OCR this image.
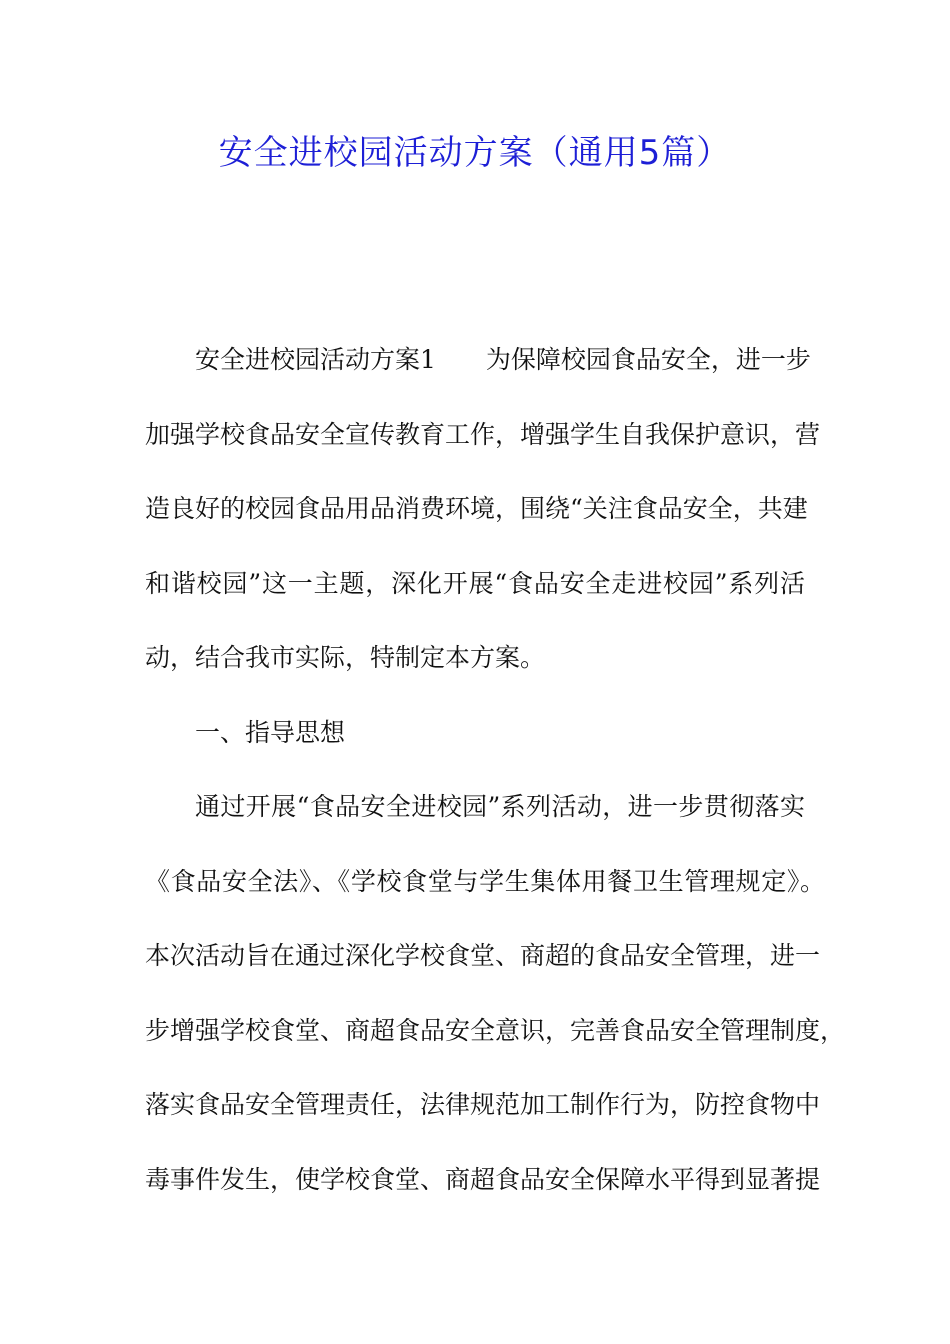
安全进校园活动方案（通用5篇）
安全进校园活动方案1　　为保障校园食品安全，进一步
加强学校食品安全宣传教育工作，增强学生自我保护意识，营
造良好的校园食品用品消费环境，围绕“关注食品安全，共建
和谐校园”这一主题，深化开展“食品安全走进校园”系列活
动，结合我市实际，特制定本方案。
一、指导思想
通过开展“食品安全进校园”系列活动，进一步贯彻落实
《食品安全法》、《学校食堂与学生集体用餐卫生管理规定》。
本次活动旨在通过深化学校食堂、商超的食品安全管理，进一
步增强学校食堂、商超食品安全意识，完善食品安全管理制度，
落实食品安全管理责任，法律规范加工制作行为，防控食物中
毒事件发生，使学校食堂、商超食品安全保障水平得到显著提
